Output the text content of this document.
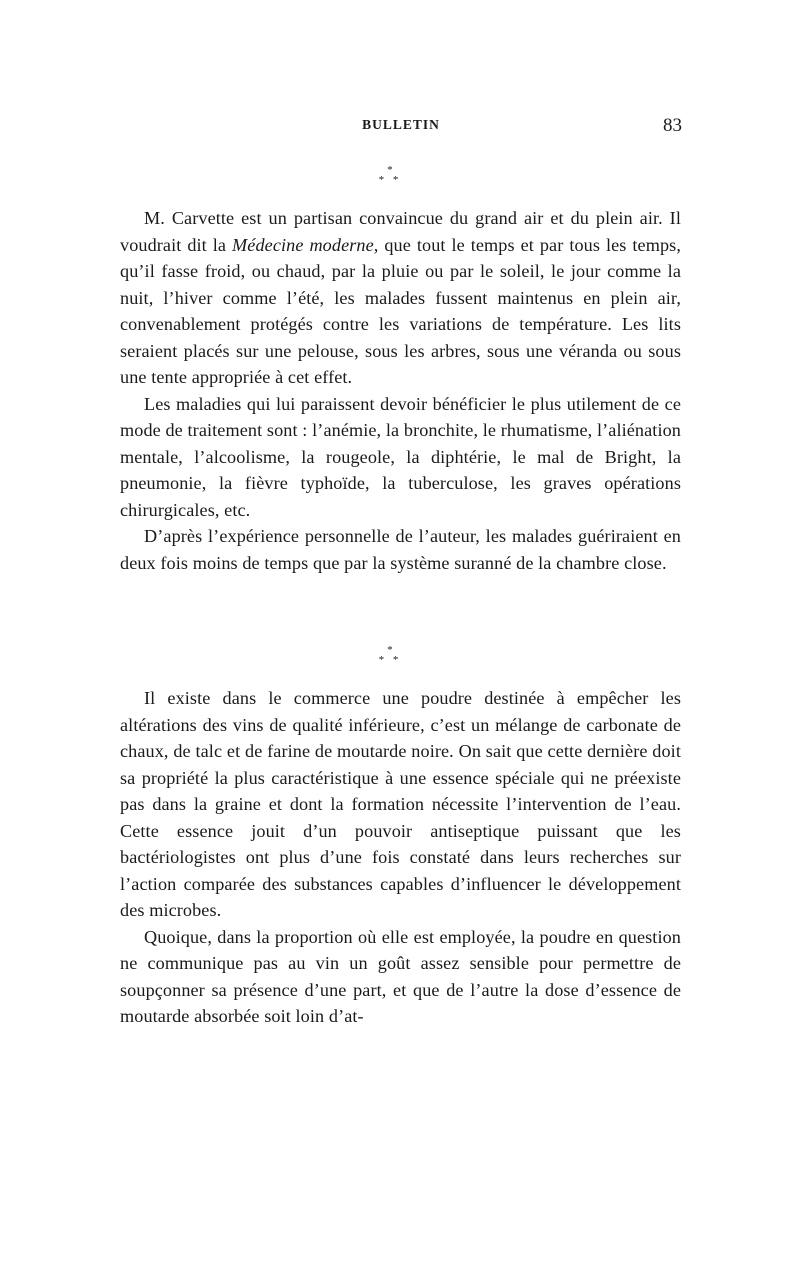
BULLETIN	83
*
* *

M. Carvette est un partisan convaincue du grand air et du plein air. Il voudrait dit la Médecine moderne, que tout le temps et par tous les temps, qu’il fasse froid, ou chaud, par la pluie ou par le soleil, le jour comme la nuit, l’hiver comme l’été, les malades fussent maintenus en plein air, convenablement protégés contre les variations de température. Les lits seraient placés sur une pelouse, sous les arbres, sous une véranda ou sous une tente appropriée à cet effet.

Les maladies qui lui paraissent devoir bénéficier le plus utilement de ce mode de traitement sont : l’anémie, la bronchite, le rhumatisme, l’aliénation mentale, l’alcoolisme, la rougeole, la diphtérie, le mal de Bright, la pneumonie, la fièvre typhoïde, la tuberculose, les graves opérations chirurgicales, etc.

D’après l’expérience personnelle de l’auteur, les malades guériraient en deux fois moins de temps que par la système suranné de la chambre close.

*
* *

Il existe dans le commerce une poudre destinée à empêcher les altérations des vins de qualité inférieure, c’est un mélange de carbonate de chaux, de talc et de farine de moutarde noire. On sait que cette dernière doit sa propriété la plus caractéristique à une essence spéciale qui ne préexiste pas dans la graine et dont la formation nécessite l’intervention de l’eau. Cette essence jouit d’un pouvoir antiseptique puissant que les bactériologistes ont plus d’une fois constaté dans leurs recherches sur l’action comparée des substances capables d’influencer le développement des microbes.

Quoique, dans la proportion où elle est employée, la poudre en question ne communique pas au vin un goût assez sensible pour permettre de soupçonner sa présence d’une part, et que de l’autre la dose d’essence de moutarde absorbée soit loin d’at-
